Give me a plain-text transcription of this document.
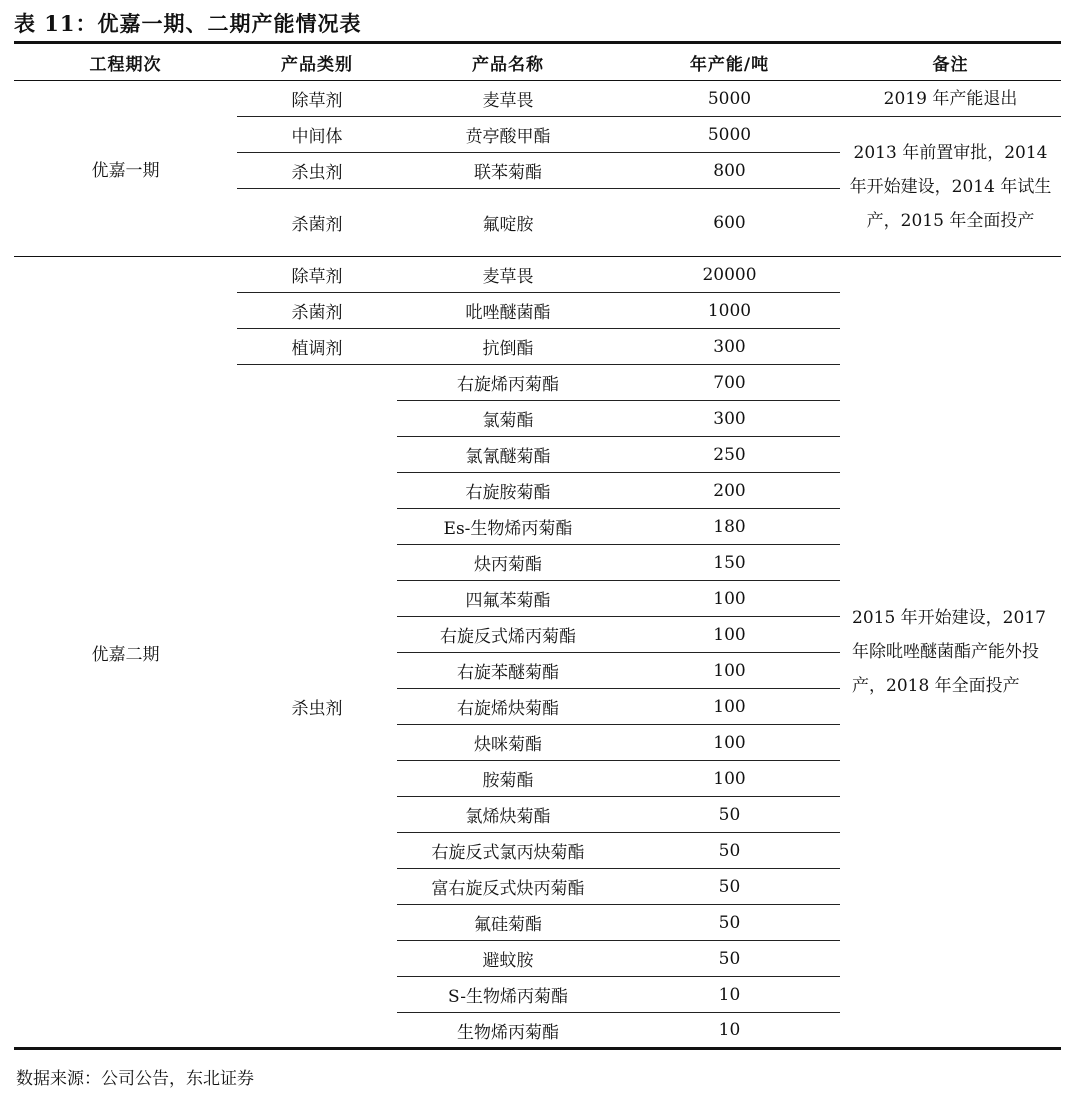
表 11：优嘉一期、二期产能情况表
工程期次	产品类别	产品名称	年产能/吨	备注
优嘉一期	除草剂	麦草畏	5000	2019 年产能退出
	中间体	贲亭酸甲酯	5000	2013 年前置审批，2014 年开始建设，2014 年试生产，2015 年全面投产
	杀虫剂	联苯菊酯	800	
	杀菌剂	氟啶胺	600	
优嘉二期	除草剂	麦草畏	20000	2015 年开始建设，2017 年除吡唑醚菌酯产能外投产，2018 年全面投产
	杀菌剂	吡唑醚菌酯	1000	
	植调剂	抗倒酯	300	
	杀虫剂	右旋烯丙菊酯	700	
		氯菊酯	300	
		氯氰醚菊酯	250	
		右旋胺菊酯	200	
		Es-生物烯丙菊酯	180	
		炔丙菊酯	150	
		四氟苯菊酯	100	
		右旋反式烯丙菊酯	100	
		右旋苯醚菊酯	100	
		右旋烯炔菊酯	100	
		炔咪菊酯	100	
		胺菊酯	100	
		氯烯炔菊酯	50	
		右旋反式氯丙炔菊酯	50	
		富右旋反式炔丙菊酯	50	
		氟硅菊酯	50	
		避蚊胺	50	
		S-生物烯丙菊酯	10	
		生物烯丙菊酯	10	
数据来源：公司公告，东北证券
